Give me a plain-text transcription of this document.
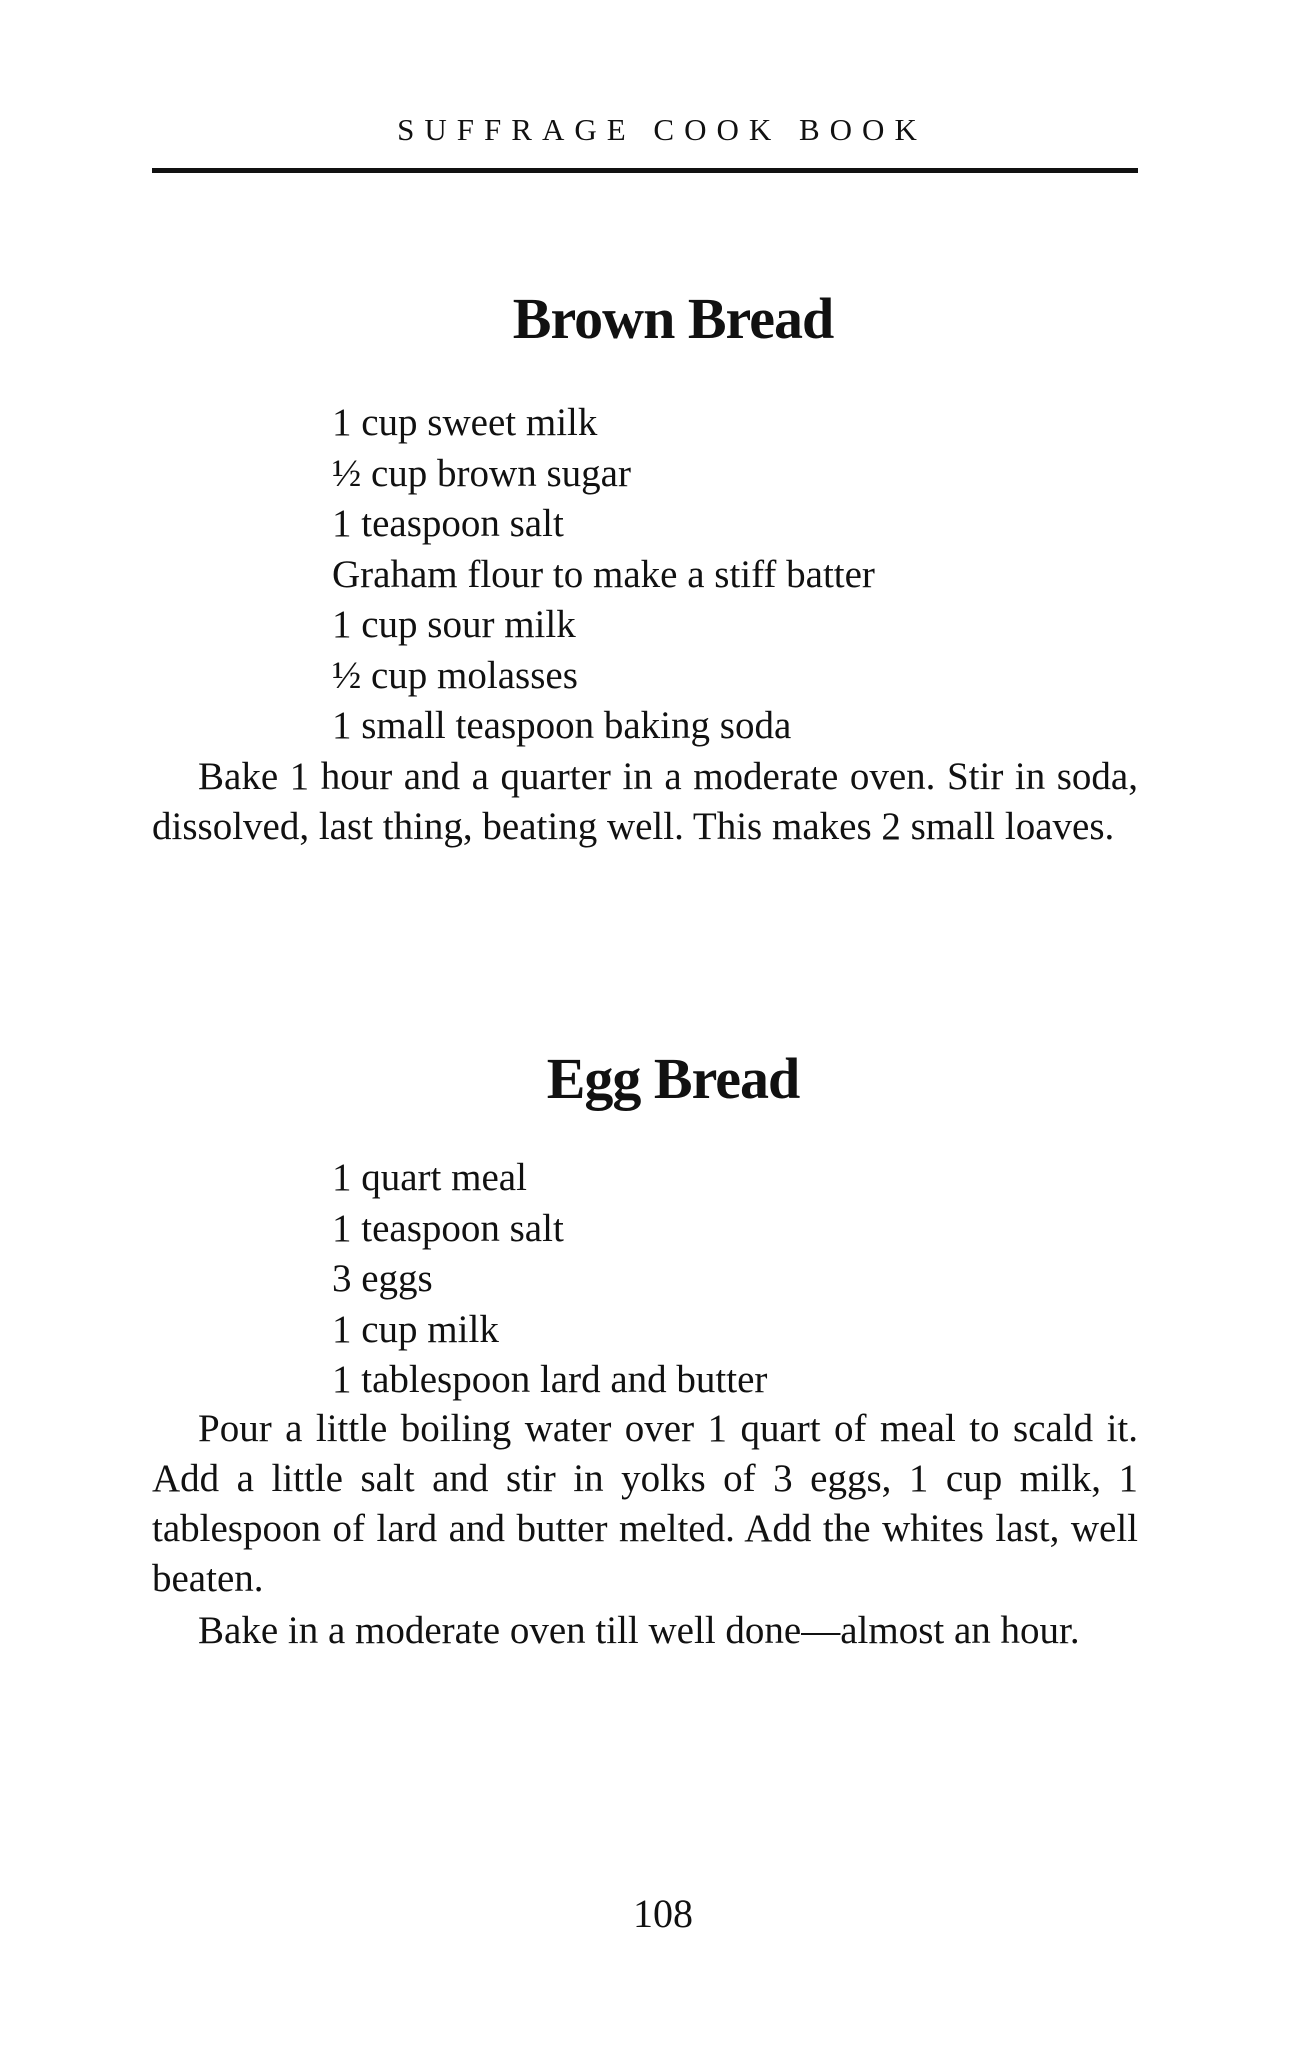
SUFFRAGE COOK BOOK
Brown Bread
1 cup sweet milk
½ cup brown sugar
1 teaspoon salt
Graham flour to make a stiff batter
1 cup sour milk
½ cup molasses
1 small teaspoon baking soda

Bake 1 hour and a quarter in a moderate oven. Stir in soda, dissolved, last thing, beating well. This makes 2 small loaves.

Egg Bread
1 quart meal
1 teaspoon salt
3 eggs
1 cup milk
1 tablespoon lard and butter

Pour a little boiling water over 1 quart of meal to scald it. Add a little salt and stir in yolks of 3 eggs, 1 cup milk, 1 tablespoon of lard and butter melted. Add the whites last, well beaten.

Bake in a moderate oven till well done—almost an hour.

108
